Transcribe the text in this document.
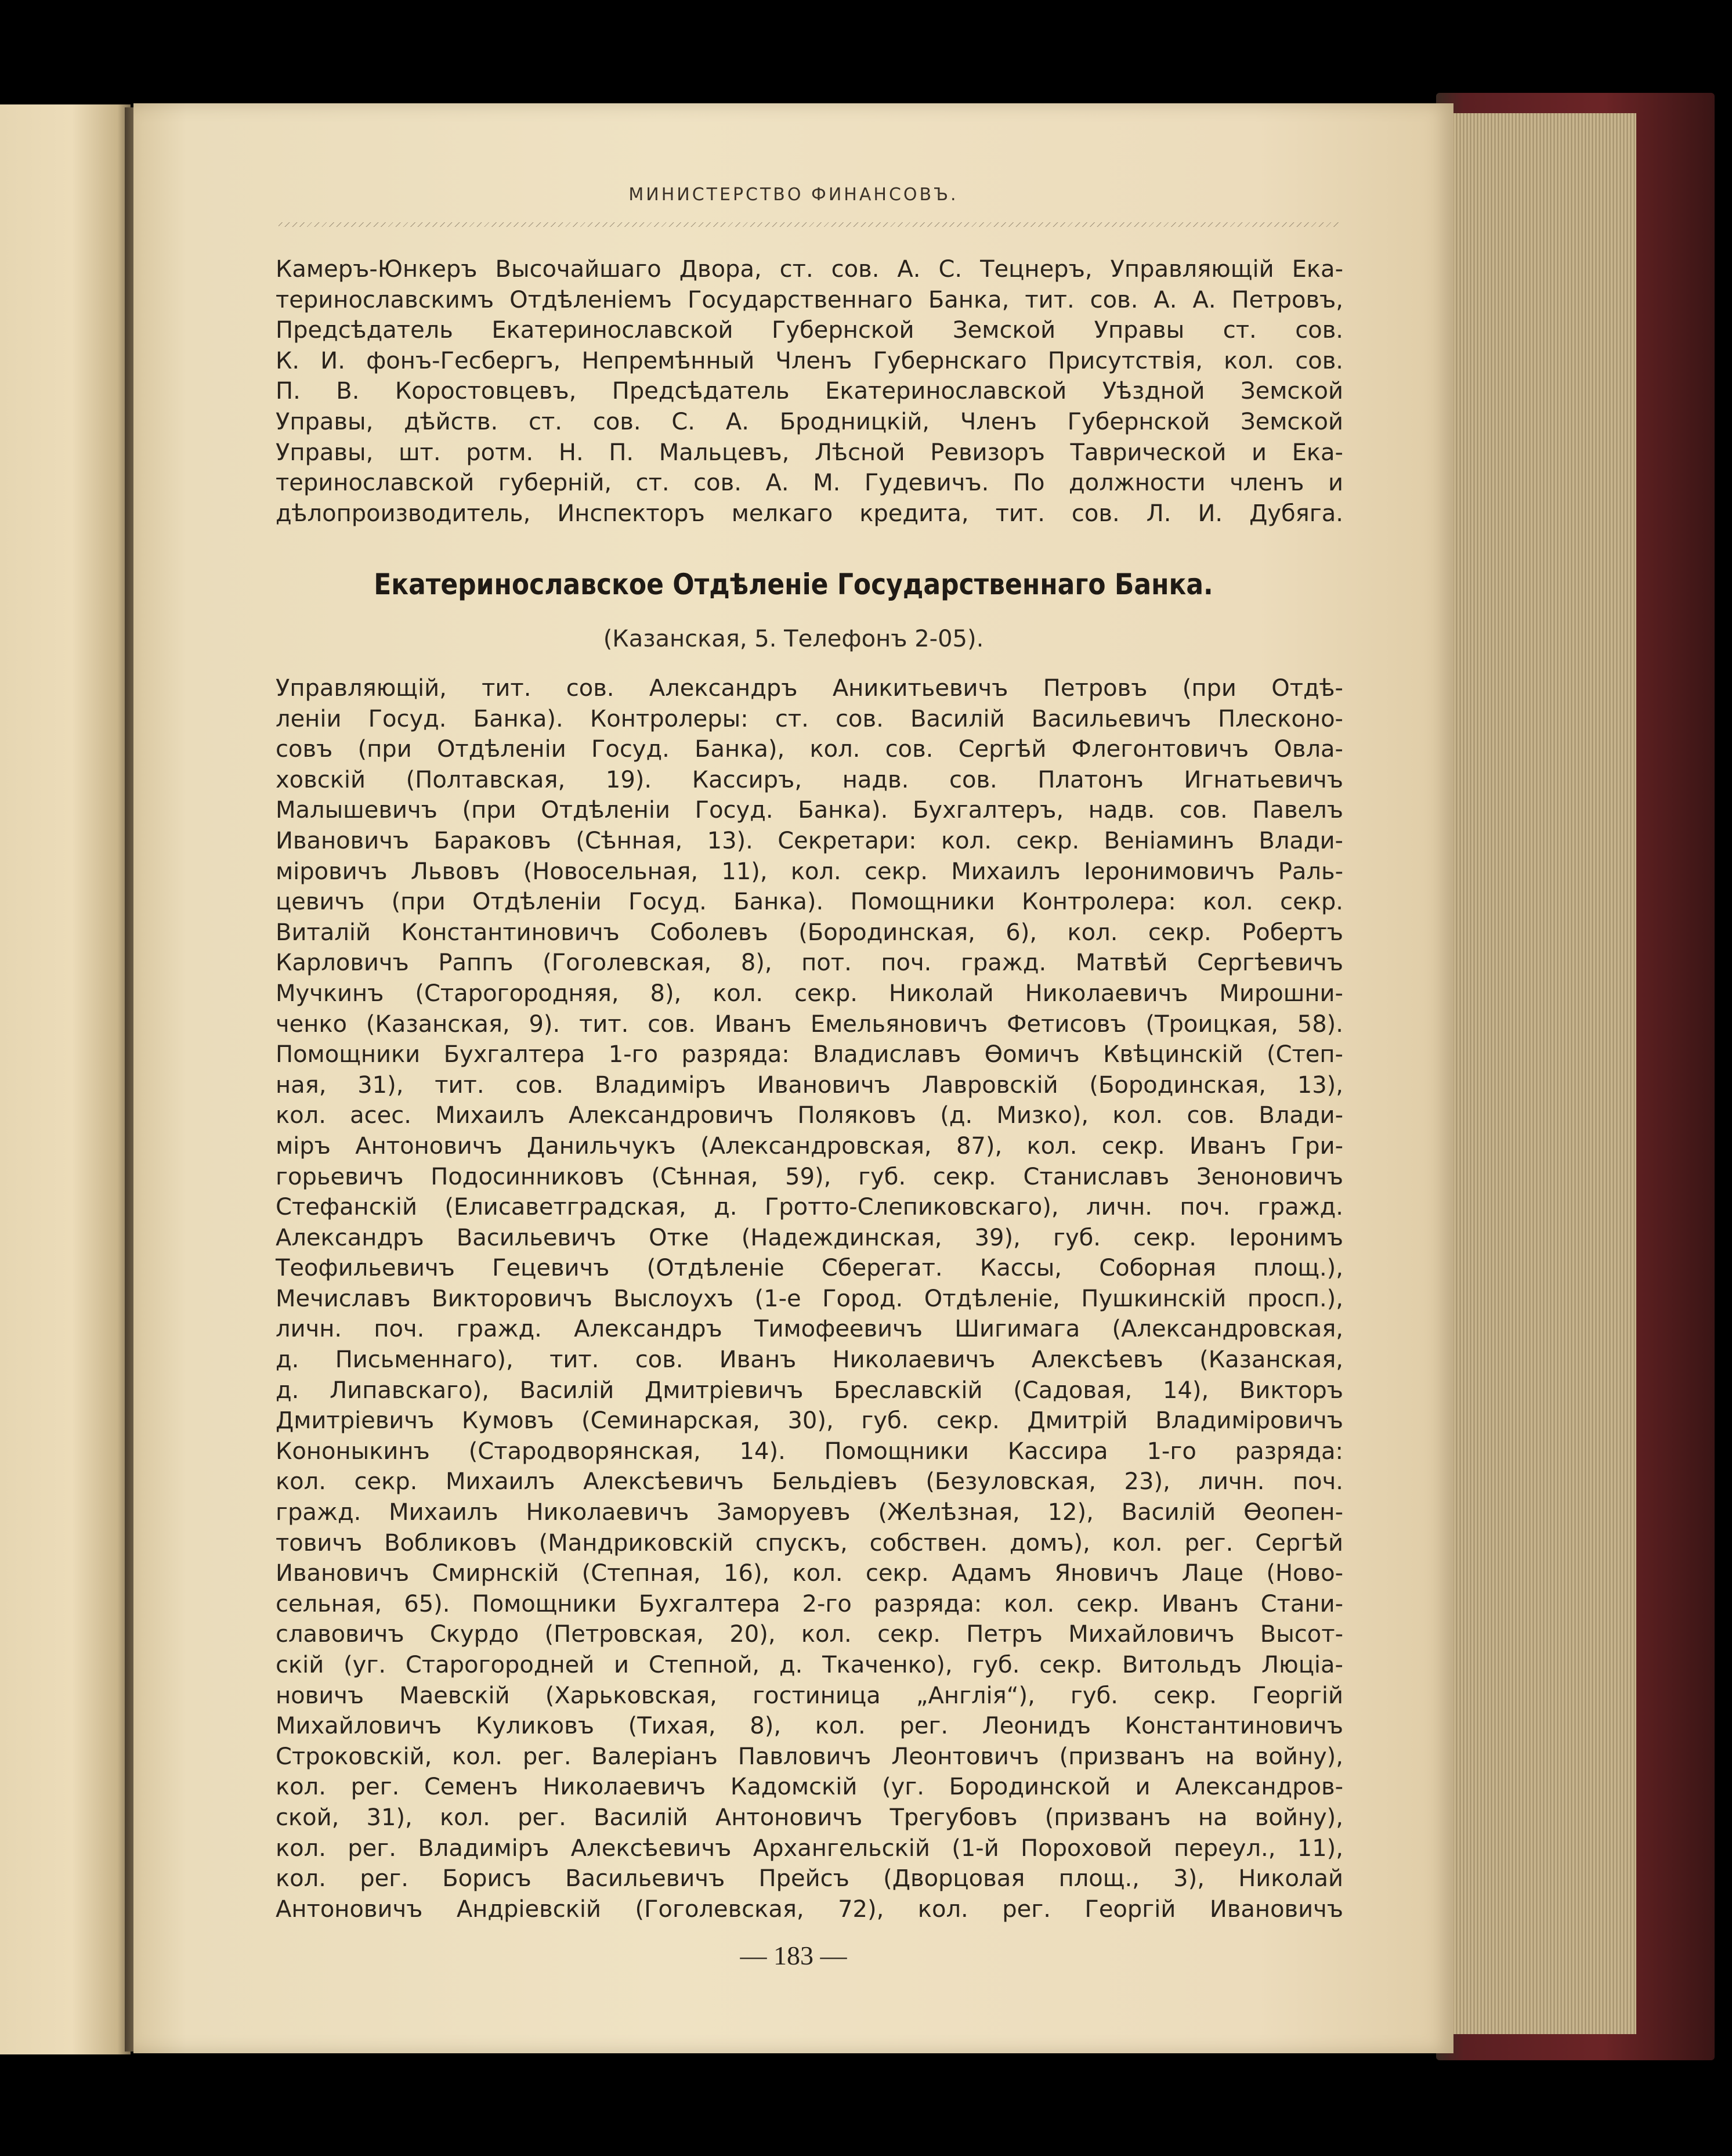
МИНИСТЕРСТВО ФИНАНСОВЪ.
Камеръ-Юнкеръ Высочайшаго Двора, ст. сов. А. С. Тецнеръ, Управляющій Ека-
теринославскимъ Отдѣленіемъ Государственнаго Банка, тит. сов. А. А. Петровъ,
Предсѣдатель Екатеринославской Губернской Земской Управы ст. сов.
К. И. фонъ-Гесбергъ, Непремѣнный Членъ Губернскаго Присутствія, кол. сов.
П. В. Коростовцевъ, Предсѣдатель Екатеринославской Уѣздной Земской
Управы, дѣйств. ст. сов. С. А. Бродницкій, Членъ Губернской Земской
Управы, шт. ротм. Н. П. Мальцевъ, Лѣсной Ревизоръ Таврической и Ека-
теринославской губерній, ст. сов. А. М. Гудевичъ. По должности членъ и
дѣлопроизводитель, Инспекторъ мелкаго кредита, тит. сов. Л. И. Дубяга.
Екатеринославское Отдѣленіе Государственнаго Банка.
(Казанская, 5. Телефонъ 2-05).
Управляющій, тит. сов. Александръ Аникитьевичъ Петровъ (при Отдѣ-
леніи Госуд. Банка). Контролеры: ст. сов. Василій Васильевичъ Плесконо-
совъ (при Отдѣленіи Госуд. Банка), кол. сов. Сергѣй Флегонтовичъ Овла-
ховскій (Полтавская, 19). Кассиръ, надв. сов. Платонъ Игнатьевичъ
Малышевичъ (при Отдѣленіи Госуд. Банка). Бухгалтеръ, надв. сов. Павелъ
Ивановичъ Бараковъ (Сѣнная, 13). Секретари: кол. секр. Веніаминъ Влади-
міровичъ Львовъ (Новосельная, 11), кол. секр. Михаилъ Іеронимовичъ Раль-
цевичъ (при Отдѣленіи Госуд. Банка). Помощники Контролера: кол. секр.
Виталій Константиновичъ Соболевъ (Бородинская, 6), кол. секр. Робертъ
Карловичъ Раппъ (Гоголевская, 8), пот. поч. гражд. Матвѣй Сергѣевичъ
Мучкинъ (Старогородняя, 8), кол. секр. Николай Николаевичъ Мирошни-
ченко (Казанская, 9). тит. сов. Иванъ Емельяновичъ Фетисовъ (Троицкая, 58).
Помощники Бухгалтера 1-го разряда: Владиславъ Ѳомичъ Квѣцинскій (Степ-
ная, 31), тит. сов. Владиміръ Ивановичъ Лавровскій (Бородинская, 13),
кол. асес. Михаилъ Александровичъ Поляковъ (д. Мизко), кол. сов. Влади-
міръ Антоновичъ Данильчукъ (Александровская, 87), кол. секр. Иванъ Гри-
горьевичъ Подосинниковъ (Сѣнная, 59), губ. секр. Станиславъ Зеноновичъ
Стефанскій (Елисаветградская, д. Гротто-Слепиковскаго), личн. поч. гражд.
Александръ Васильевичъ Отке (Надеждинская, 39), губ. секр. Іеронимъ
Теофильевичъ Гецевичъ (Отдѣленіе Сберегат. Кассы, Соборная площ.),
Мечиславъ Викторовичъ Выслоухъ (1-е Город. Отдѣленіе, Пушкинскій просп.),
личн. поч. гражд. Александръ Тимофеевичъ Шигимага (Александровская,
д. Письменнаго), тит. сов. Иванъ Николаевичъ Алексѣевъ (Казанская,
д. Липавскаго), Василій Дмитріевичъ Бреславскій (Садовая, 14), Викторъ
Дмитріевичъ Кумовъ (Семинарская, 30), губ. секр. Дмитрій Владиміровичъ
Кононыкинъ (Стародворянская, 14). Помощники Кассира 1-го разряда:
кол. секр. Михаилъ Алексѣевичъ Бельдіевъ (Безуловская, 23), личн. поч.
гражд. Михаилъ Николаевичъ Заморуевъ (Желѣзная, 12), Василій Ѳеопен-
товичъ Вобликовъ (Мандриковскій спускъ, собствен. домъ), кол. рег. Сергѣй
Ивановичъ Смирнскій (Степная, 16), кол. секр. Адамъ Яновичъ Лаце (Ново-
сельная, 65). Помощники Бухгалтера 2-го разряда: кол. секр. Иванъ Стани-
славовичъ Скурдо (Петровская, 20), кол. секр. Петръ Михайловичъ Высот-
скій (уг. Старогородней и Степной, д. Ткаченко), губ. секр. Витольдъ Люціа-
новичъ Маевскій (Харьковская, гостиница „Англія“), губ. секр. Георгій
Михайловичъ Куликовъ (Тихая, 8), кол. рег. Леонидъ Константиновичъ
Строковскій, кол. рег. Валеріанъ Павловичъ Леонтовичъ (призванъ на войну),
кол. рег. Семенъ Николаевичъ Кадомскій (уг. Бородинской и Александров-
ской, 31), кол. рег. Василій Антоновичъ Трегубовъ (призванъ на войну),
кол. рег. Владиміръ Алексѣевичъ Архангельскій (1-й Пороховой переул., 11),
кол. рег. Борисъ Васильевичъ Прейсъ (Дворцовая площ., 3), Николай
Антоновичъ Андріевскій (Гоголевская, 72), кол. рег. Георгій Ивановичъ
— 183 —
